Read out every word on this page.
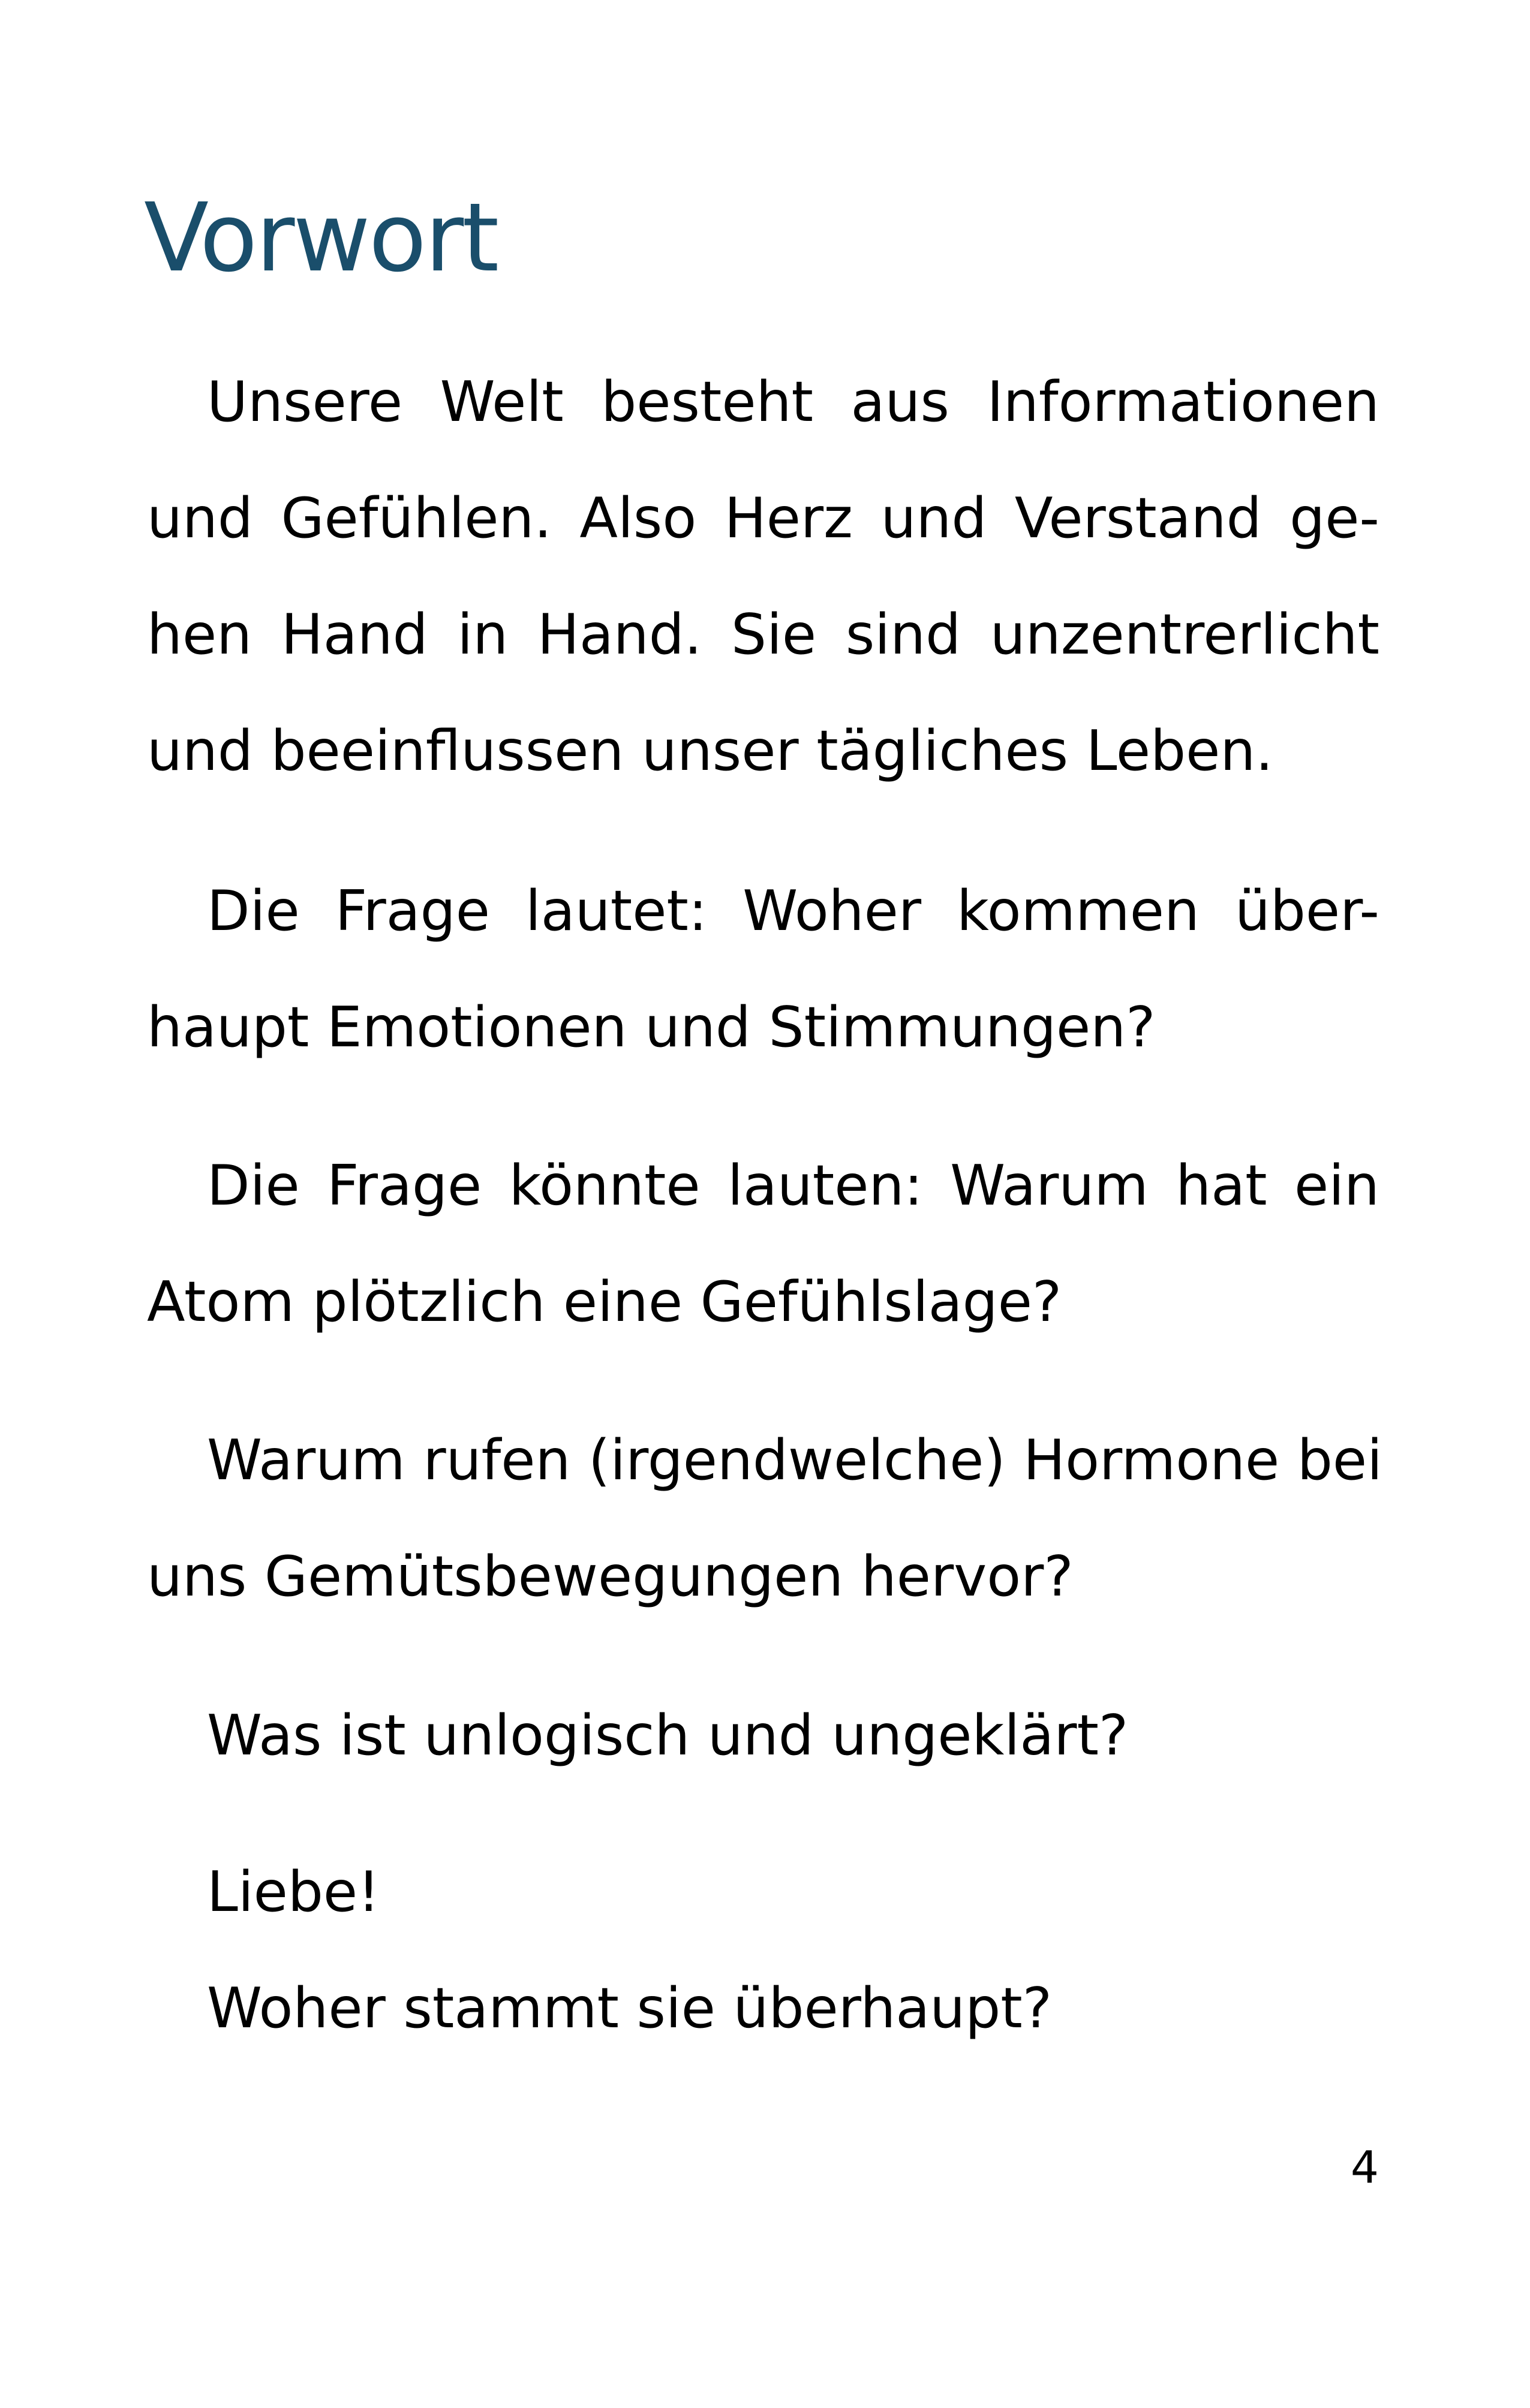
Vorwort
Unsere Welt besteht aus Informationen
und Gefühlen. Also Herz und Verstand ge-
hen Hand in Hand. Sie sind unzentrerlicht
und beeinflussen unser tägliches Leben.
Die Frage lautet: Woher kommen über-
haupt Emotionen und Stimmungen?
Die Frage könnte lauten: Warum hat ein
Atom plötzlich eine Gefühlslage?
Warum rufen (irgendwelche) Hormone bei
uns Gemütsbewegungen hervor?
Was ist unlogisch und ungeklärt?
Liebe!
Woher stammt sie überhaupt?
4
